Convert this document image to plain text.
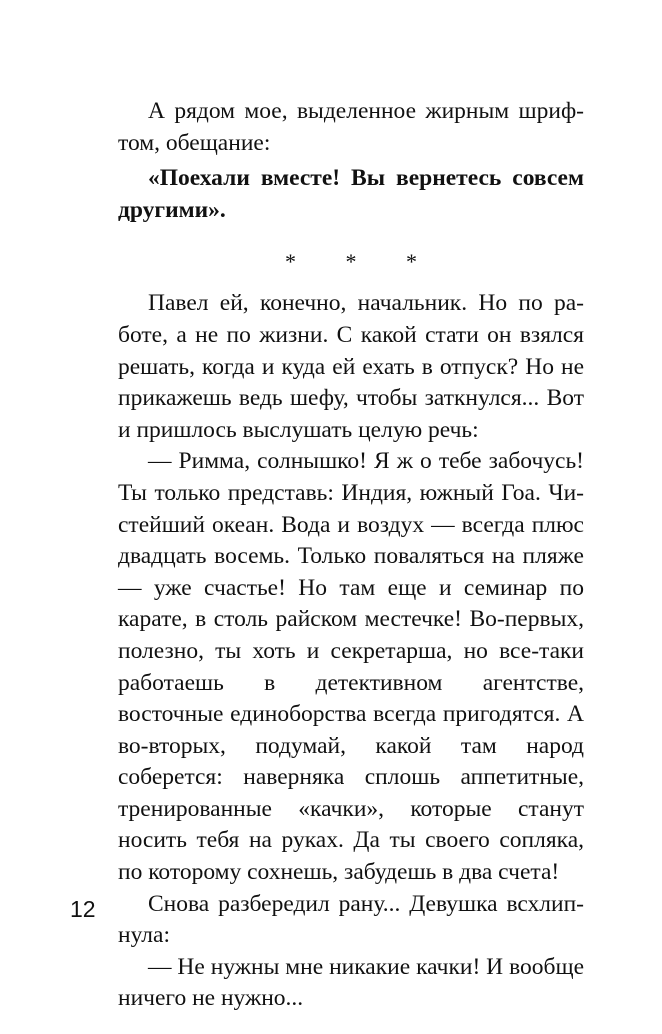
А рядом мое, выделенное жирным шрифтом, обещание:

«Поехали вместе! Вы вернетесь совсем другими».

* * *

Павел ей, конечно, начальник. Но по работе, а не по жизни. С какой стати он взялся решать, когда и куда ей ехать в отпуск? Но не прикажешь ведь шефу, чтобы заткнулся... Вот и пришлось выслушать целую речь:

— Римма, солнышко! Я ж о тебе забочусь! Ты только представь: Индия, южный Гоа. Чистейший океан. Вода и воздух — всегда плюс двадцать восемь. Только поваляться на пляже — уже счастье! Но там еще и семинар по карате, в столь райском местечке! Во-первых, полезно, ты хоть и секретарша, но все-таки работаешь в детективном агентстве, восточные единоборства всегда пригодятся. А во-вторых, подумай, какой там народ соберется: наверняка сплошь аппетитные, тренированные «качки», которые станут носить тебя на руках. Да ты своего сопляка, по которому сохнешь, забудешь в два счета!

Снова разбередил рану... Девушка всхлипнула:

— Не нужны мне никакие качки! И вообще ничего не нужно...

12
